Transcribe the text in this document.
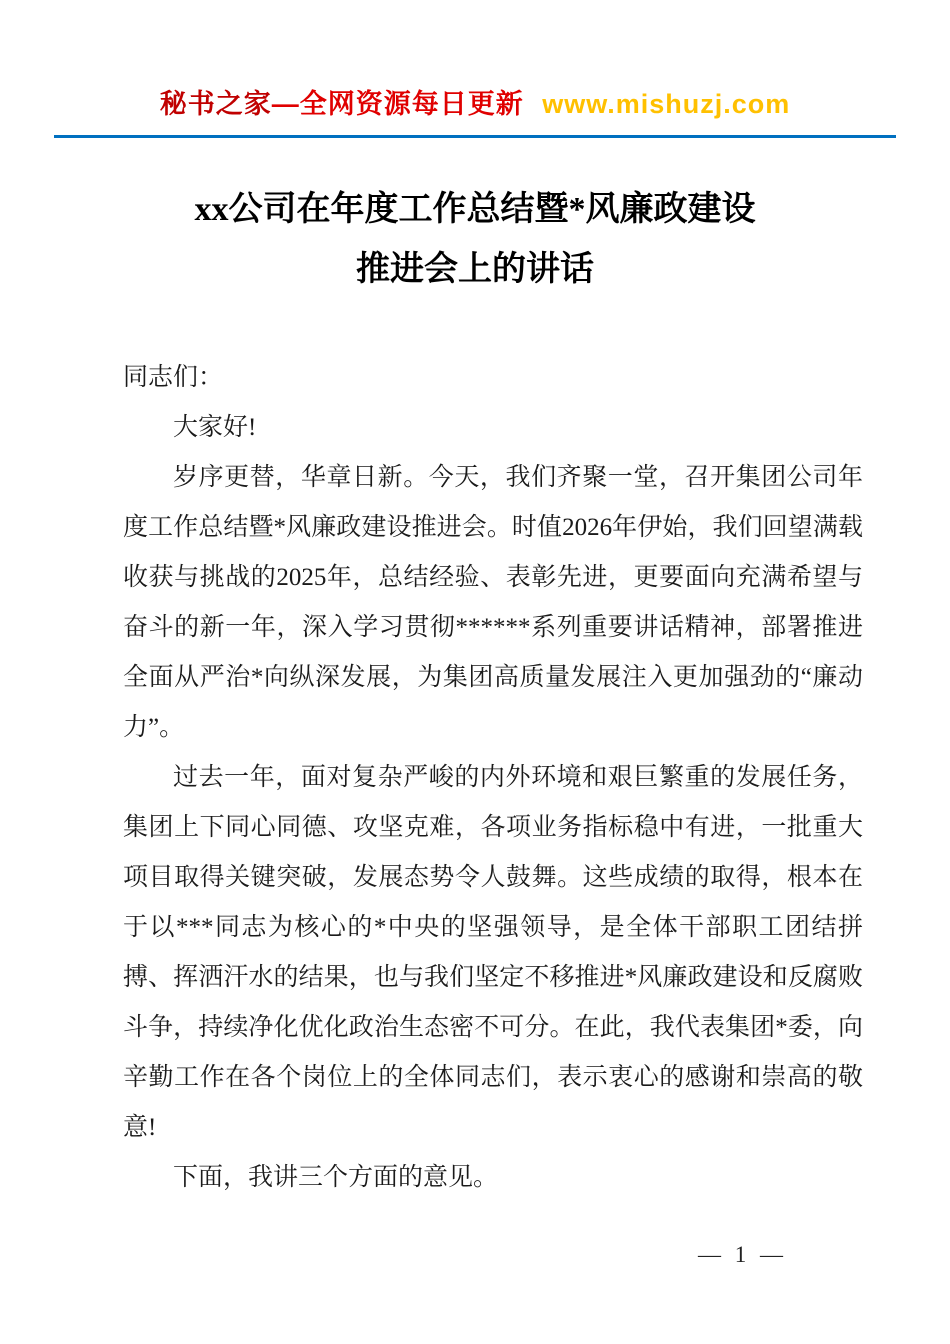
秘书之家—全网资源每日更新 www.mishuzj.com
xx公司在年度工作总结暨*风廉政建设
推进会上的讲话

同志们：

大家好!

岁序更替，华章日新。今天，我们齐聚一堂，召开集团公司年度工作总结暨*风廉政建设推进会。时值2026年伊始，我们回望满载收获与挑战的2025年，总结经验、表彰先进，更要面向充满希望与奋斗的新一年，深入学习贯彻******系列重要讲话精神，部署推进全面从严治*向纵深发展，为集团高质量发展注入更加强劲的“廉动力”。

过去一年，面对复杂严峻的内外环境和艰巨繁重的发展任务，集团上下同心同德、攻坚克难，各项业务指标稳中有进，一批重大项目取得关键突破，发展态势令人鼓舞。这些成绩的取得，根本在于以***同志为核心的*中央的坚强领导，是全体干部职工团结拼搏、挥洒汗水的结果，也与我们坚定不移推进*风廉政建设和反腐败斗争，持续净化优化政治生态密不可分。在此，我代表集团*委，向辛勤工作在各个岗位上的全体同志们，表示衷心的感谢和崇高的敬意!

下面，我讲三个方面的意见。

— 1 —
